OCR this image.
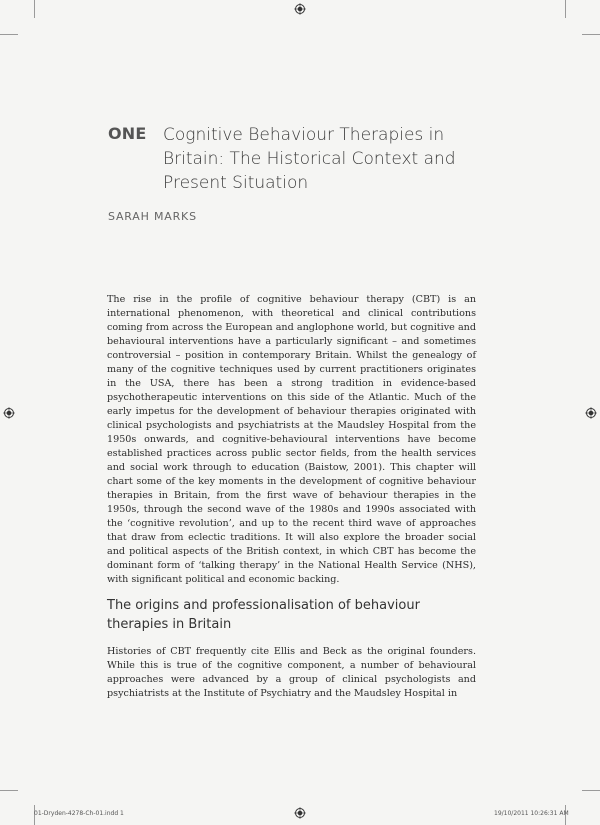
ONE Cognitive Behaviour Therapies in Britain: The Historical Context and Present Situation
SARAH MARKS

The rise in the profile of cognitive behaviour therapy (CBT) is an international phenomenon, with theoretical and clinical contributions coming from across the European and anglophone world, but cognitive and behavioural interventions have a particularly significant – and sometimes controversial – position in contemporary Britain. Whilst the genealogy of many of the cognitive techniques used by current practitioners originates in the USA, there has been a strong tradition in evidence-based psychotherapeutic interventions on this side of the Atlantic. Much of the early impetus for the development of behaviour therapies originated with clinical psychologists and psychiatrists at the Maudsley Hospital from the 1950s onwards, and cognitive-behavioural interventions have become established practices across public sector fields, from the health services and social work through to education (Baistow, 2001). This chapter will chart some of the key moments in the development of cognitive behaviour therapies in Britain, from the first wave of behaviour therapies in the 1950s, through the second wave of the 1980s and 1990s associated with the ‘cognitive revolution’, and up to the recent third wave of approaches that draw from eclectic traditions. It will also explore the broader social and political aspects of the British context, in which CBT has become the dominant form of ‘talking therapy’ in the National Health Service (NHS), with significant political and economic backing.

The origins and professionalisation of behaviour therapies in Britain

Histories of CBT frequently cite Ellis and Beck as the original founders. While this is true of the cognitive component, a number of behavioural approaches were advanced by a group of clinical psychologists and psychiatrists at the Institute of Psychiatry and the Maudsley Hospital in

01-Dryden-4278-Ch-01.indd 1	19/10/2011 10:26:31 AM
